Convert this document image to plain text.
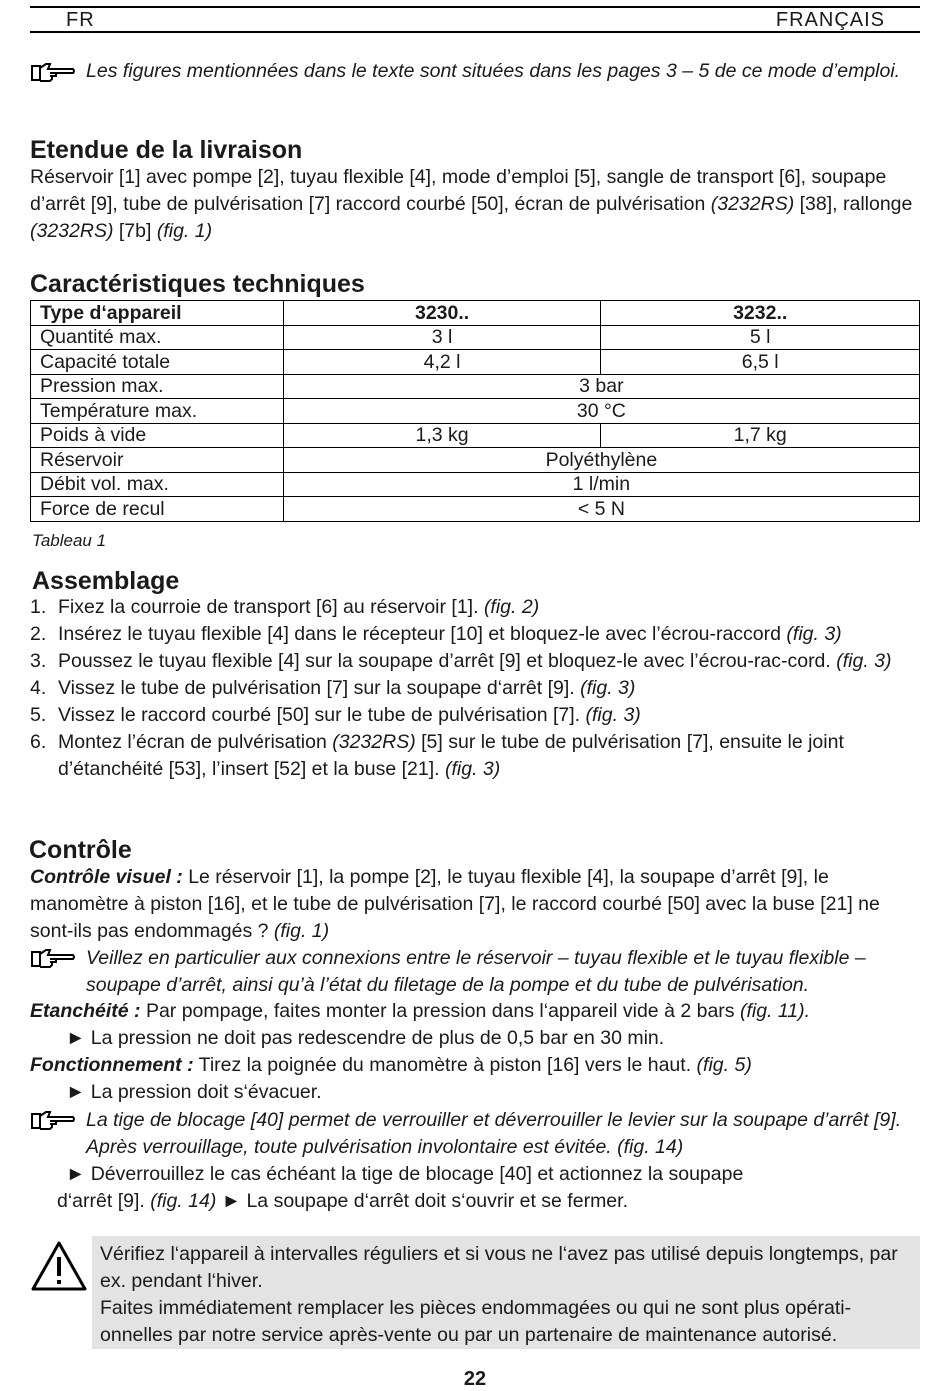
FR	FRANÇAIS
Les figures mentionnées dans le texte sont situées dans les pages 3 – 5 de ce mode d’emploi.
Etendue de la livraison
Réservoir [1] avec pompe [2], tuyau flexible [4], mode d’emploi [5], sangle de transport [6], soupape d’arrêt [9], tube de pulvérisation [7] raccord courbé [50], écran de pulvérisation (3232RS) [38], rallonge (3232RS) [7b] (fig. 1)
Caractéristiques techniques
Type d‘appareil	3230..	3232..
Quantité max.	3 l	5 l
Capacité totale	4,2 l	6,5 l
Pression max.	3 bar	
Température max.	30 °C	
Poids à vide	1,3 kg	1,7 kg
Réservoir	Polyéthylène	
Débit vol. max.	1 l/min	
Force de recul	< 5 N	
Tableau 1
Assemblage
1. Fixez la courroie de transport [6] au réservoir [1]. (fig. 2)
2. Insérez le tuyau flexible [4] dans le récepteur [10] et bloquez-le avec l’écrou-raccord (fig. 3)
3. Poussez le tuyau flexible [4] sur la soupape d’arrêt [9] et bloquez-le avec l’écrou-rac-cord. (fig. 3)
4. Vissez le tube de pulvérisation [7] sur la soupape d‘arrêt [9]. (fig. 3)
5. Vissez le raccord courbé [50] sur le tube de pulvérisation [7]. (fig. 3)
6. Montez l’écran de pulvérisation (3232RS) [5] sur le tube de pulvérisation [7], ensuite le joint d’étanchéité [53], l’insert [52] et la buse [21]. (fig. 3)
Contrôle
Contrôle visuel : Le réservoir [1], la pompe [2], le tuyau flexible [4], la soupape d’arrêt [9], le manomètre à piston [16], et le tube de pulvérisation [7], le raccord courbé [50] avec la buse [21] ne sont-ils pas endommagés ? (fig. 1)
Veillez en particulier aux connexions entre le réservoir – tuyau flexible et le tuyau flexible – soupape d’arrêt, ainsi qu’à l’état du filetage de la pompe et du tube de pulvérisation.
Etanchéité : Par pompage, faites monter la pression dans l‘appareil vide à 2 bars (fig. 11).
► La pression ne doit pas redescendre de plus de 0,5 bar en 30 min.
Fonctionnement : Tirez la poignée du manomètre à piston [16] vers le haut. (fig. 5)
► La pression doit s‘évacuer.
La tige de blocage [40] permet de verrouiller et déverrouiller le levier sur la soupape d’arrêt [9]. Après verrouillage, toute pulvérisation involontaire est évitée. (fig. 14)
► Déverrouillez le cas échéant la tige de blocage [40] et actionnez la soupape
d‘arrêt [9]. (fig. 14) ► La soupape d‘arrêt doit s‘ouvrir et se fermer.

Vérifiez l‘appareil à intervalles réguliers et si vous ne l‘avez pas utilisé depuis longtemps, par ex. pendant l‘hiver.

Faites immédiatement remplacer les pièces endommagées ou qui ne sont plus opérati-onnelles par notre service après-vente ou par un partenaire de maintenance autorisé.

22
